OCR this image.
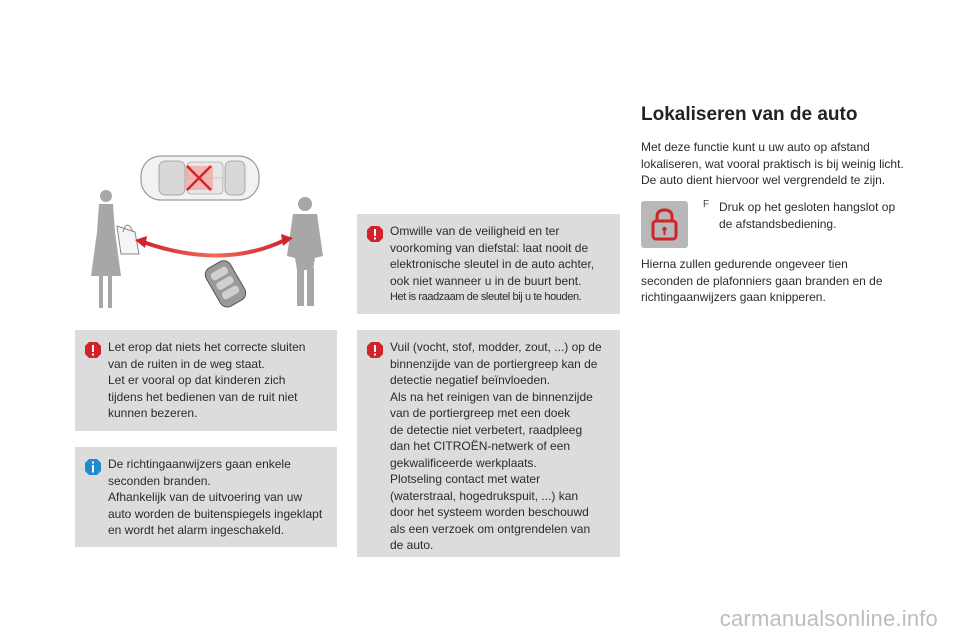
Omwille van de veiligheid en ter
voorkoming van diefstal: laat nooit de
elektronische sleutel in de auto achter,
ook niet wanneer u in de buurt bent.
Het is raadzaam de sleutel bij u te houden.
Let erop dat niets het correcte sluiten
van de ruiten in de weg staat.
Let er vooral op dat kinderen zich
tijdens het bedienen van de ruit niet
kunnen bezeren.
Vuil (vocht, stof, modder, zout, ...) op de
binnenzijde van de portiergreep kan de
detectie negatief beïnvloeden.
Als na het reinigen van de binnenzijde
van de portiergreep met een doek
de detectie niet verbetert, raadpleeg
dan het CITROËN-netwerk of een
gekwalificeerde werkplaats.
Plotseling contact met water
(waterstraal, hogedrukspuit, ...) kan
door het systeem worden beschouwd
als een verzoek om ontgrendelen van
de auto.
De richtingaanwijzers gaan enkele
seconden branden.
Afhankelijk van de uitvoering van uw
auto worden de buitenspiegels ingeklapt
en wordt het alarm ingeschakeld.
Lokaliseren van de auto
Met deze functie kunt u uw auto op afstand
lokaliseren, wat vooral praktisch is bij weinig licht.
De auto dient hiervoor wel vergrendeld te zijn.
F Druk op het gesloten hangslot op
de afstandsbediening.
Hierna zullen gedurende ongeveer tien
seconden de plafonniers gaan branden en de
richtingaanwijzers gaan knipperen.
carmanualsonline.info
